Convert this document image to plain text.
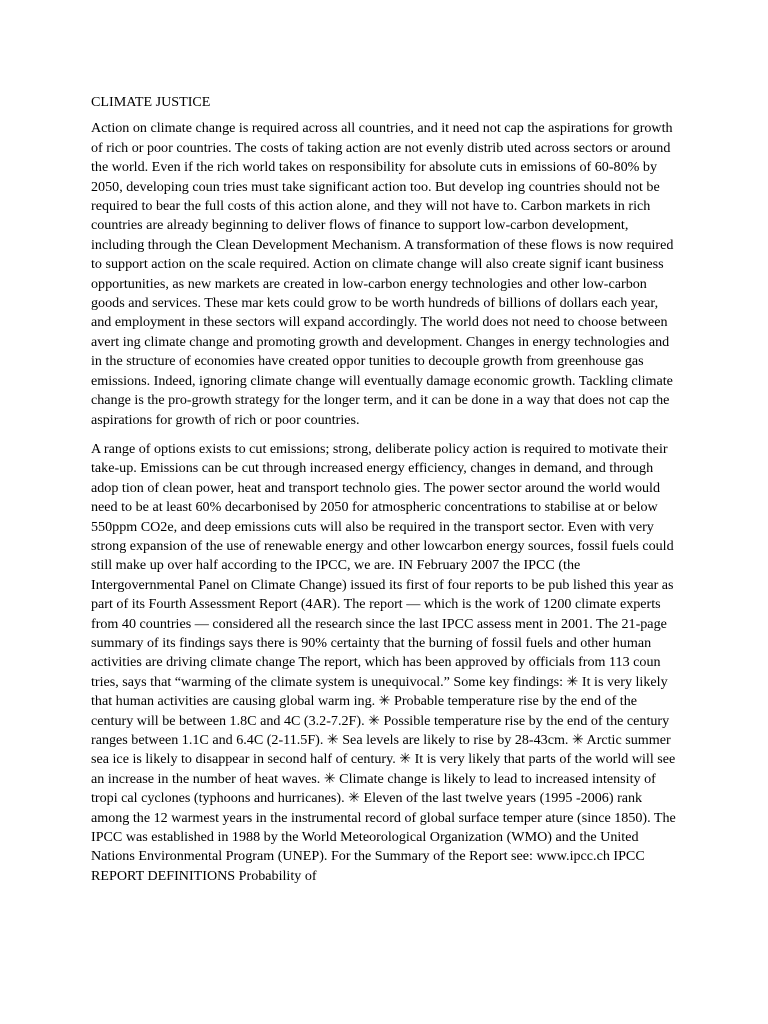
CLIMATE JUSTICE

Action on climate change is required across all countries, and it need not cap the aspirations for growth of rich or poor countries. The costs of taking action are not evenly distrib uted across sectors or around the world. Even if the rich world takes on responsibility for absolute cuts in emissions of 60-80% by 2050, developing coun tries must take significant action too. But develop ing countries should not be required to bear the full costs of this action alone, and they will not have to. Carbon markets in rich countries are already beginning to deliver flows of finance to support low-carbon development, including through the Clean Development Mechanism. A transformation of these flows is now required to support action on the scale required. Action on climate change will also create signif icant business opportunities, as new markets are created in low-carbon energy technologies and other low-carbon goods and services. These mar kets could grow to be worth hundreds of billions of dollars each year, and employment in these sectors will expand accordingly. The world does not need to choose between avert ing climate change and promoting growth and development. Changes in energy technologies and in the structure of economies have created oppor tunities to decouple growth from greenhouse gas emissions. Indeed, ignoring climate change will eventually damage economic growth. Tackling climate change is the pro-growth strategy for the longer term, and it can be done in a way that does not cap the aspirations for growth of rich or poor countries.

A range of options exists to cut emissions; strong, deliberate policy action is required to motivate their take-up. Emissions can be cut through increased energy efficiency, changes in demand, and through adop tion of clean power, heat and transport technolo gies. The power sector around the world would need to be at least 60% decarbonised by 2050 for atmospheric concentrations to stabilise at or below 550ppm CO2e, and deep emissions cuts will also be required in the transport sector. Even with very strong expansion of the use of renewable energy and other lowcarbon energy sources, fossil fuels could still make up over half according to the IPCC, we are. IN February 2007 the IPCC (the Intergovernmental Panel on Climate Change) issued its first of four reports to be pub lished this year as part of its Fourth Assessment Report (4AR). The report — which is the work of 1200 climate experts from 40 countries — considered all the research since the last IPCC assess ment in 2001. The 21-page summary of its findings says there is 90% certainty that the burning of fossil fuels and other human activities are driving climate change The report, which has been approved by officials from 113 coun tries, says that “warming of the climate system is unequivocal.” Some key findings: ✳ It is very likely that human activities are causing global warm ing. ✳ Probable temperature rise by the end of the century will be between 1.8C and 4C (3.2-7.2F). ✳ Possible temperature rise by the end of the century ranges between 1.1C and 6.4C (2-11.5F). ✳ Sea levels are likely to rise by 28-43cm. ✳ Arctic summer sea ice is likely to disappear in second half of century. ✳ It is very likely that parts of the world will see an increase in the number of heat waves. ✳ Climate change is likely to lead to increased intensity of tropi cal cyclones (typhoons and hurricanes). ✳ Eleven of the last twelve years (1995 -2006) rank among the 12 warmest years in the instrumental record of global surface temper ature (since 1850). The IPCC was established in 1988 by the World Meteorological Organization (WMO) and the United Nations Environmental Program (UNEP). For the Summary of the Report see: www.ipcc.ch IPCC REPORT DEFINITIONS Probability of
